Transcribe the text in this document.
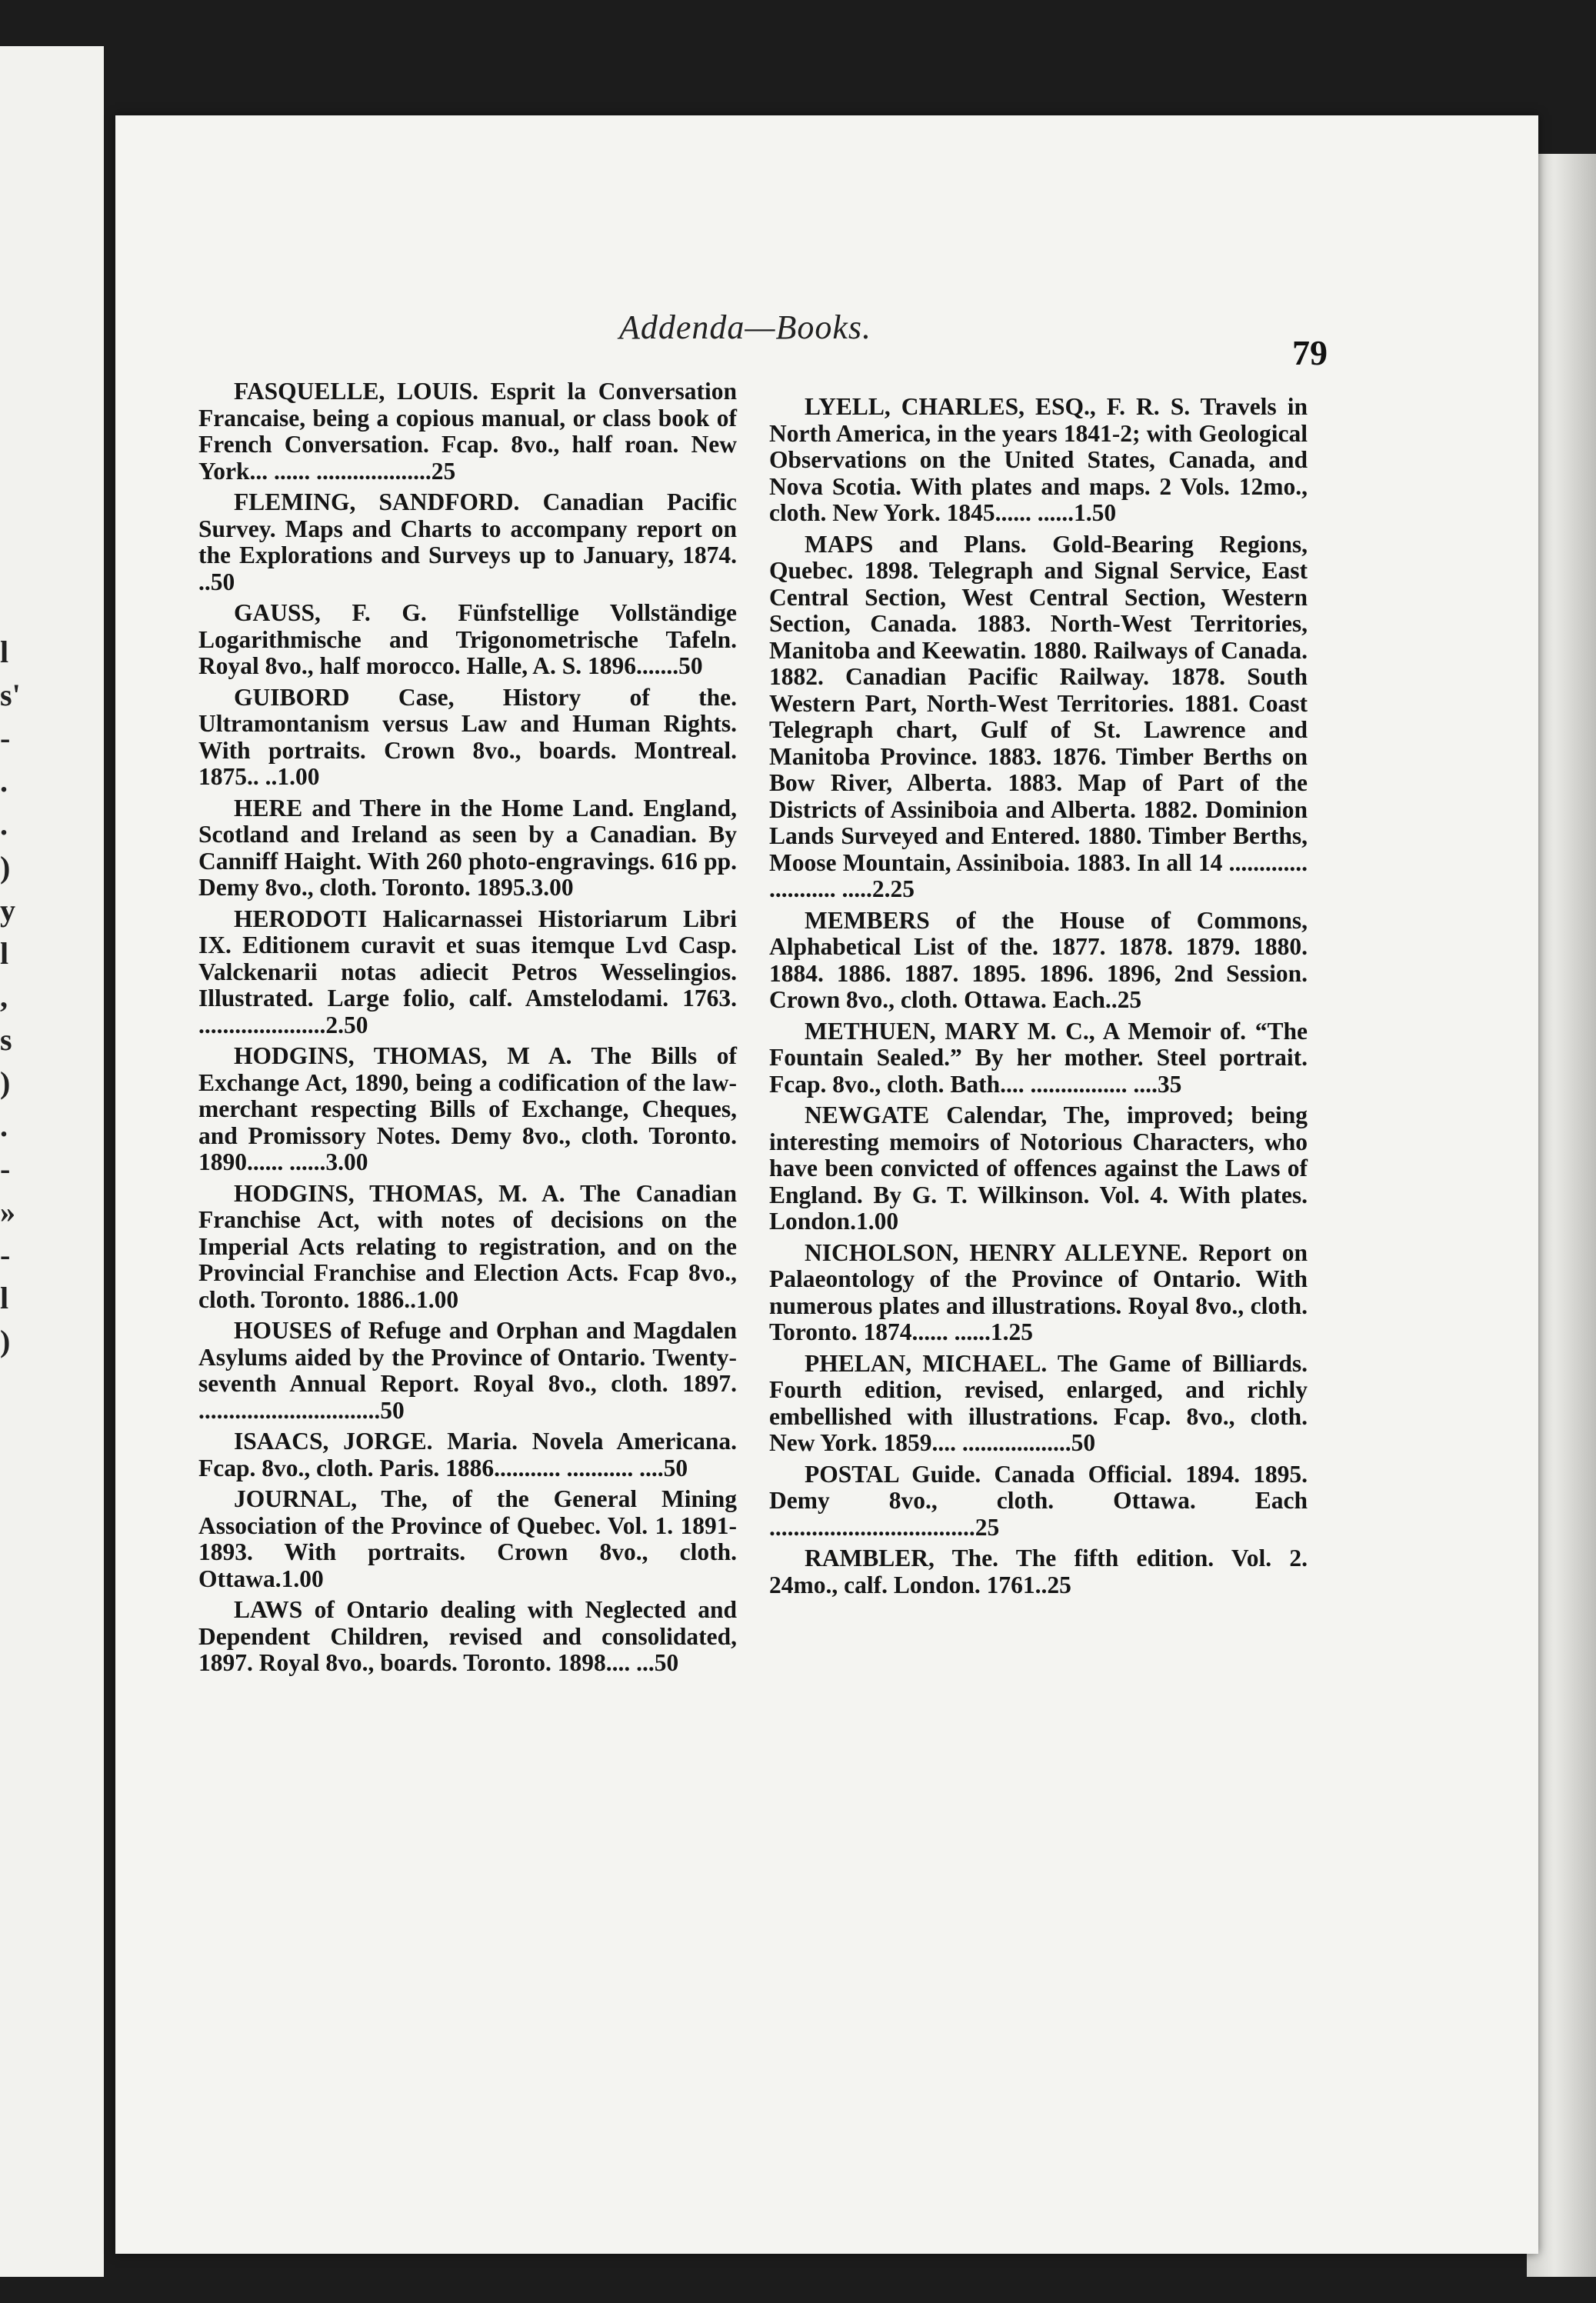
l
s'
-
.
.
)
y
l
,
s
)
.
-
»
-
l
)
Addenda—Books.
79

FASQUELLE, LOUIS. Esprit la Conversation Francaise, being a copious manual, or class book of French Conversation. Fcap. 8vo., half roan. New York... ...... ...................25

FLEMING, SANDFORD. Canadian Pacific Survey. Maps and Charts to accompany report on the Explorations and Surveys up to January, 1874. ..50

GAUSS, F. G. Fünfstellige Vollständige Logarithmische and Trigonometrische Tafeln. Royal 8vo., half morocco. Halle, A. S. 1896.......50

GUIBORD Case, History of the. Ultramontanism versus Law and Human Rights. With portraits. Crown 8vo., boards. Montreal. 1875.. ..1.00

HERE and There in the Home Land. England, Scotland and Ireland as seen by a Canadian. By Canniff Haight. With 260 photo-engravings. 616 pp. Demy 8vo., cloth. Toronto. 1895.3.00

HERODOTI Halicarnassei Historiarum Libri IX. Editionem curavit et suas itemque Lvd Casp. Valckenarii notas adiecit Petros Wesselingios. Illustrated. Large folio, calf. Amstelodami. 1763. .....................2.50

HODGINS, THOMAS, M A. The Bills of Exchange Act, 1890, being a codification of the law-merchant respecting Bills of Exchange, Cheques, and Promissory Notes. Demy 8vo., cloth. Toronto. 1890...... ......3.00

HODGINS, THOMAS, M. A. The Canadian Franchise Act, with notes of decisions on the Imperial Acts relating to registration, and on the Provincial Franchise and Election Acts. Fcap 8vo., cloth. Toronto. 1886..1.00

HOUSES of Refuge and Orphan and Magdalen Asylums aided by the Province of Ontario. Twenty-seventh Annual Report. Royal 8vo., cloth. 1897. ..............................50

ISAACS, JORGE. Maria. Novela Americana. Fcap. 8vo., cloth. Paris. 1886........... ........... ....50

JOURNAL, The, of the General Mining Association of the Province of Quebec. Vol. 1. 1891-1893. With portraits. Crown 8vo., cloth. Ottawa.1.00

LAWS of Ontario dealing with Neglected and Dependent Children, revised and consolidated, 1897. Royal 8vo., boards. Toronto. 1898.... ...50

LYELL, CHARLES, ESQ., F. R. S. Travels in North America, in the years 1841-2; with Geological Observations on the United States, Canada, and Nova Scotia. With plates and maps. 2 Vols. 12mo., cloth. New York. 1845...... ......1.50

MAPS and Plans. Gold-Bearing Regions, Quebec. 1898. Telegraph and Signal Service, East Central Section, West Central Section, Western Section, Canada. 1883. North-West Territories, Manitoba and Keewatin. 1880. Railways of Canada. 1882. Canadian Pacific Railway. 1878. South Western Part, North-West Territories. 1881. Coast Telegraph chart, Gulf of St. Lawrence and Manitoba Province. 1883. 1876. Timber Berths on Bow River, Alberta. 1883. Map of Part of the Districts of Assiniboia and Alberta. 1882. Dominion Lands Surveyed and Entered. 1880. Timber Berths, Moose Mountain, Assiniboia. 1883. In all 14 ............. ........... .....2.25

MEMBERS of the House of Commons, Alphabetical List of the. 1877. 1878. 1879. 1880. 1884. 1886. 1887. 1895. 1896. 1896, 2nd Session. Crown 8vo., cloth. Ottawa. Each..25

METHUEN, MARY M. C., A Memoir of. “The Fountain Sealed.” By her mother. Steel portrait. Fcap. 8vo., cloth. Bath.... ................ ....35

NEWGATE Calendar, The, improved; being interesting memoirs of Notorious Characters, who have been convicted of offences against the Laws of England. By G. T. Wilkinson. Vol. 4. With plates. London.1.00

NICHOLSON, HENRY ALLEYNE. Report on Palaeontology of the Province of Ontario. With numerous plates and illustrations. Royal 8vo., cloth. Toronto. 1874...... ......1.25

PHELAN, MICHAEL. The Game of Billiards. Fourth edition, revised, enlarged, and richly embellished with illustrations. Fcap. 8vo., cloth. New York. 1859.... ..................50

POSTAL Guide. Canada Official. 1894. 1895. Demy 8vo., cloth. Ottawa. Each ..................................25

RAMBLER, The. The fifth edition. Vol. 2. 24mo., calf. London. 1761..25
